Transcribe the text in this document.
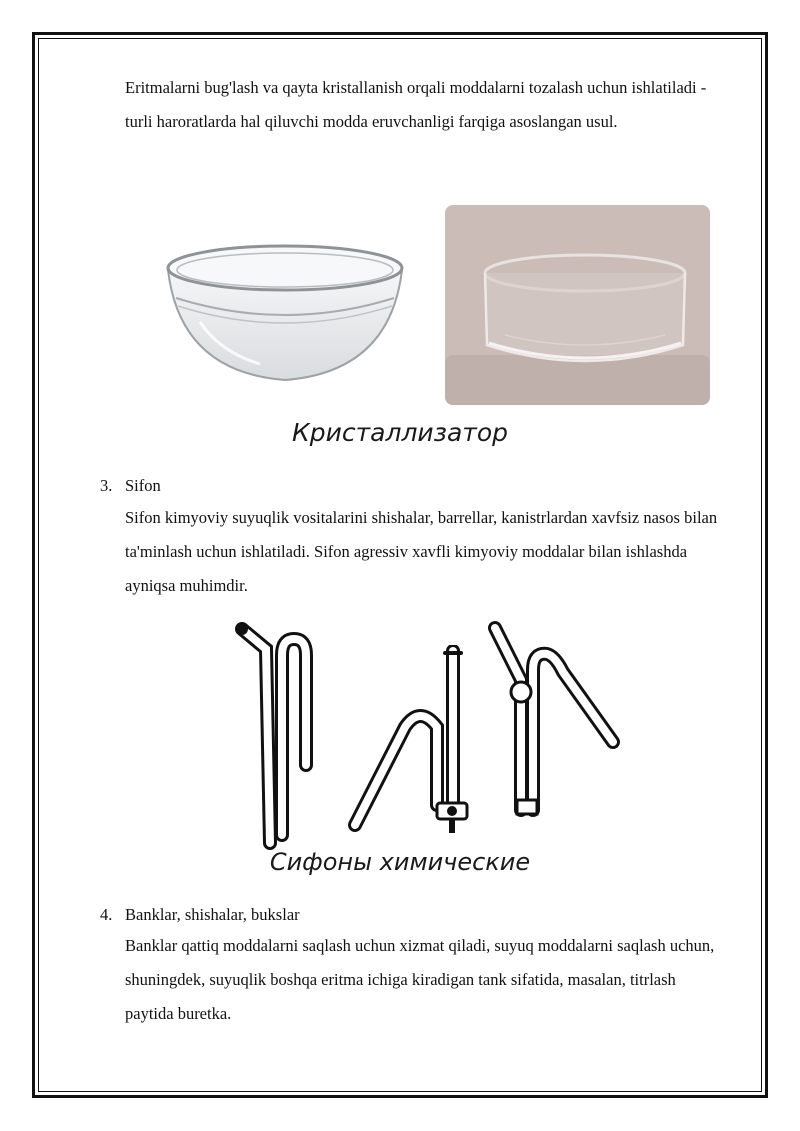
Eritmalarni bug'lash va qayta kristallanish orqali moddalarni tozalash uchun ishlatiladi - turli haroratlarda hal qiluvchi modda eruvchanligi farqiga asoslangan usul.

Кристаллизатор

3. Sifon

Sifon kimyoviy suyuqlik vositalarini shishalar, barrellar, kanistrlardan xavfsiz nasos bilan ta'minlash uchun ishlatiladi. Sifon agressiv xavfli kimyoviy moddalar bilan ishlashda ayniqsa muhimdir.

Сифоны химические

4. Banklar, shishalar, bukslar

Banklar qattiq moddalarni saqlash uchun xizmat qiladi, suyuq moddalarni saqlash uchun, shuningdek, suyuqlik boshqa eritma ichiga kiradigan tank sifatida, masalan, titrlash paytida buretka.
